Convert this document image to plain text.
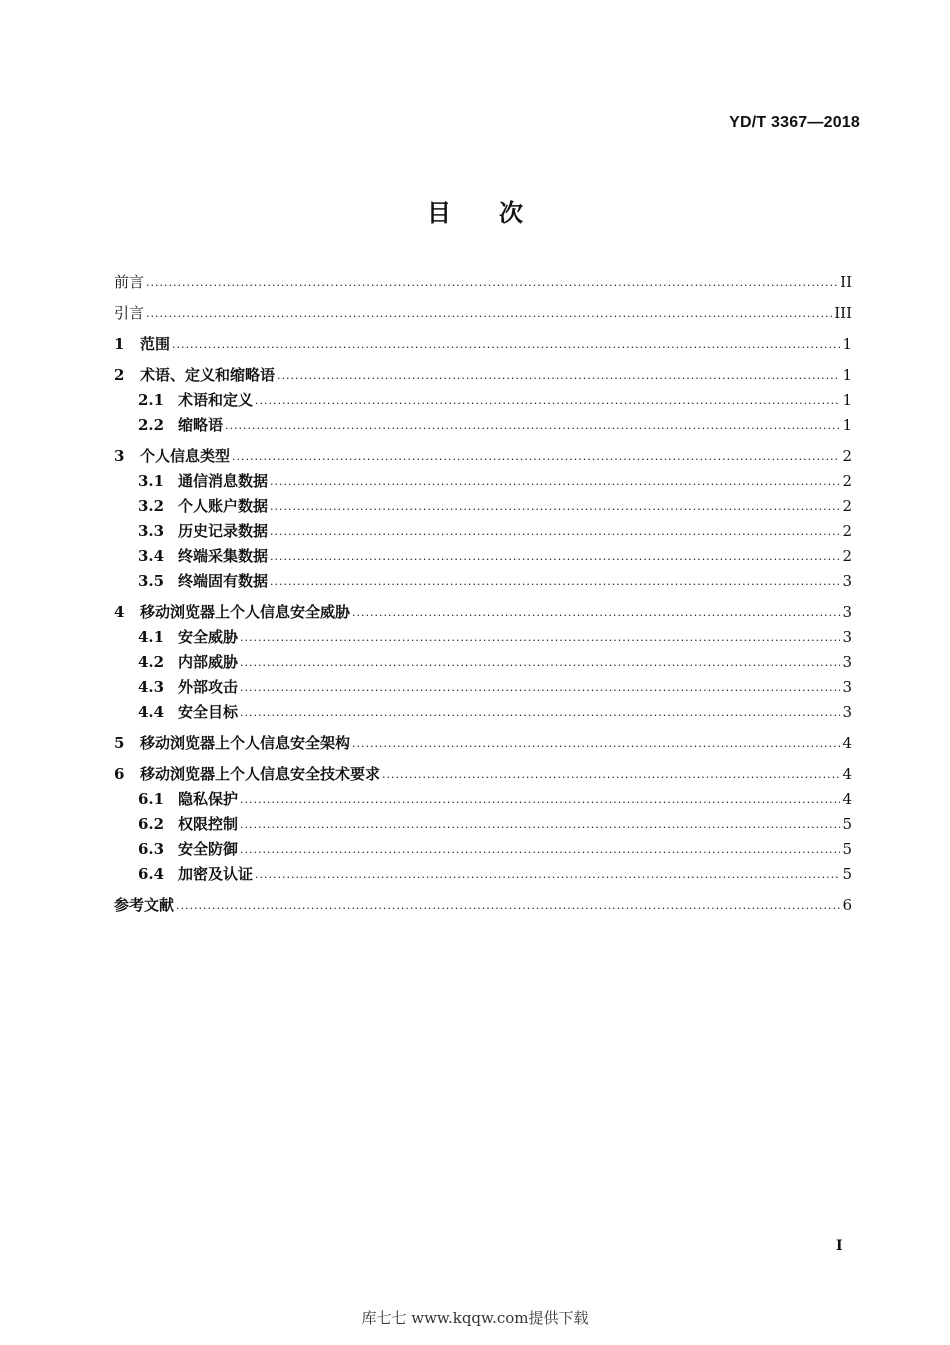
YD/T 3367—2018
目 次
前言 .....	II
引言 .....	III
1	范围 .....	1
2	术语、定义和缩略语 .....	1
2.1 术语和定义 .....	1
2.2 缩略语 .....	1
3	个人信息类型 .....	2
3.1 通信消息数据 .....	2
3.2 个人账户数据 .....	2
3.3 历史记录数据 .....	2
3.4 终端采集数据 .....	2
3.5 终端固有数据 .....	3
4	移动浏览器上个人信息安全威胁 .....	3
4.1 安全威胁 .....	3
4.2 内部威胁 .....	3
4.3 外部攻击 .....	3
4.4 安全目标 .....	3
5	移动浏览器上个人信息安全架构 .....	4
6	移动浏览器上个人信息安全技术要求 .....	4
6.1 隐私保护 .....	4
6.2 权限控制 .....	5
6.3 安全防御 .....	5
6.4 加密及认证 .....	5
参考文献 .....	6
I
库七七 www.kqqw.com提供下载
